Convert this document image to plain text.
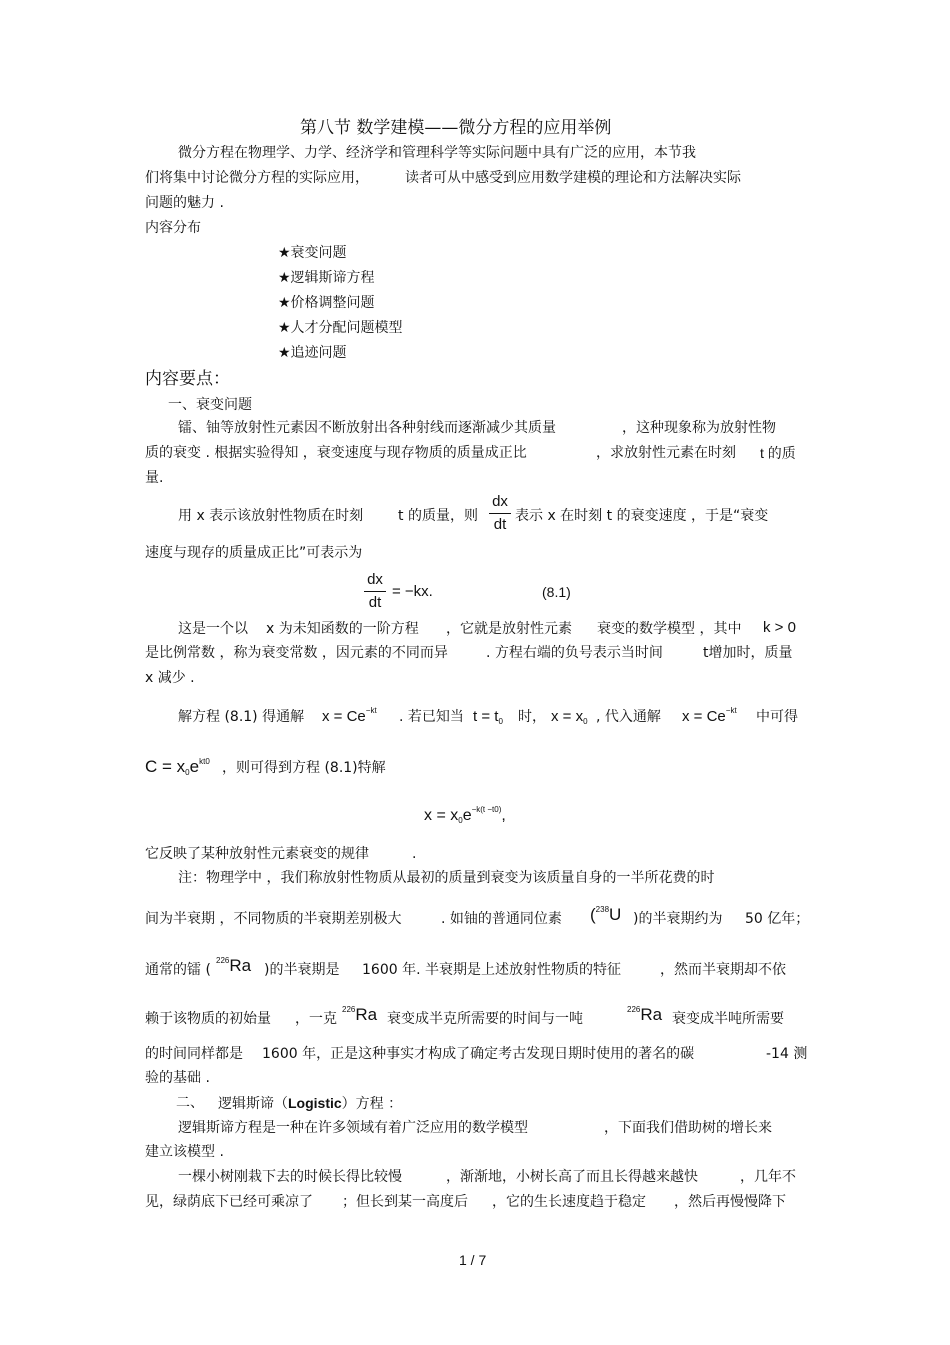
第八节 数学建模——微分方程的应用举例
微分方程在物理学、力学、经济学和管理科学等实际问题中具有广泛的应用，本节我
们将集中讨论微分方程的实际应用，	读者可从中感受到应用数学建模的理论和方法解决实际
问题的魅力 .
内容分布
★衰变问题
★逻辑斯谛方程
★价格调整问题
★人才分配问题模型
★追迹问题
内容要点：
一、衰变问题
镭、铀等放射性元素因不断放射出各种射线而逐渐减少其质量	，这种现象称为放射性物
质的衰变 . 根据实验得知 ，衰变速度与现存物质的质量成正比	，求放射性元素在时刻 t 的质
量.
用 x 表示该放射性物质在时刻 t 的质量，则
dx
dt 表示 x 在时刻 t 的衰变速度 ，于是“衰变
速度与现存的质量成正比”可表示为
dx
dt
= −kx.	(8.1)
这是一个以 x 为未知函数的一阶方程 ，它就是放射性元素 衰变的数学模型 ，其中 k > 0
是比例常数 ，称为衰变常数 ，因元素的不同而异	. 方程右端的负号表示当时间	t增加时，质量
x 减少 .
解方程 (8.1) 得通解 $x = Ce^{-kt}$ . 若已知当 $t = t_0$ 时， $x = x_0$ , 代入通解 $x = Ce^{-kt}$ 中可得
$C = x_0e^{kt0}$ ，则可得到方程 (8.1)特解
$x = x_0e^{-k(t -t0)}$,
它反映了某种放射性元素衰变的规律	.
注：物理学中 ，我们称放射性物质从最初的质量到衰变为该质量自身的一半所花费的时
间为半衰期 ，不同物质的半衰期差别极大	. 如铀的普通同位素 ($^{238}$U )的半衰期约为 50 亿年；
通常的镭 (
$^{226}$Ra )的半衰期是 1600 年. 半衰期是上述放射性物质的特征	，然而半衰期却不依
赖于该物质的初始量 ，一克
$^{226}$Ra 衰变成半克所需要的时间与一吨
$^{226}$Ra 衰变成半吨所需要
的时间同样都是 1600 年，正是这种事实才构成了确定考古发现日期时使用的著名的碳	-14 测
验的基础 .
二、 逻辑斯谛（Logistic）方程 ：
逻辑斯谛方程是一种在许多领域有着广泛应用的数学模型	，下面我们借助树的增长来
建立该模型 .
一棵小树刚栽下去的时候长得比较慢	，渐渐地，小树长高了而且长得越来越快	，几年不
见，绿荫底下已经可乘凉了 ；但长到某一高度后 ，它的生长速度趋于稳定 ，然后再慢慢降下
1 / 7
